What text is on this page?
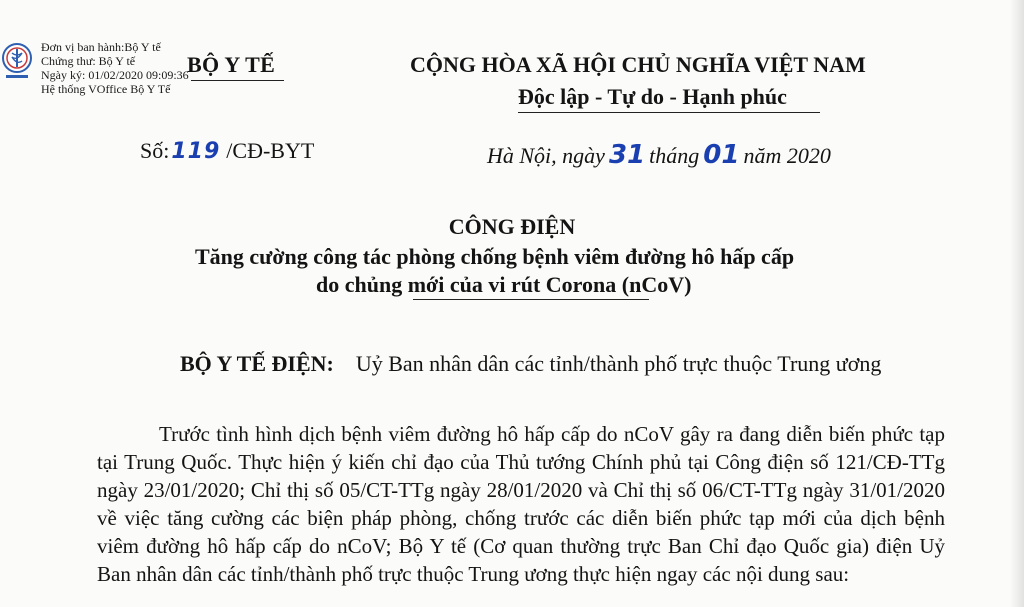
Đơn vị ban hành:Bộ Y tế
Chứng thư: Bộ Y tế
Ngày ký: 01/02/2020 09:09:36
Hệ thống VOffice Bộ Y Tế
BỘ Y TẾ	CỘNG HÒA XÃ HỘI CHỦ NGHĨA VIỆT NAM
Độc lập - Tự do - Hạnh phúc
Số:119 /CĐ-BYT	Hà Nội, ngày 31 tháng 01 năm 2020
CÔNG ĐIỆN
Tăng cường công tác phòng chống bệnh viêm đường hô hấp cấp
do chủng mới của vi rút Corona (nCoV)
BỘ Y TẾ ĐIỆN: Uỷ Ban nhân dân các tỉnh/thành phố trực thuộc Trung ương

Trước tình hình dịch bệnh viêm đường hô hấp cấp do nCoV gây ra đang diễn biến phức tạp tại Trung Quốc. Thực hiện ý kiến chỉ đạo của Thủ tướng Chính phủ tại Công điện số 121/CĐ-TTg ngày 23/01/2020; Chỉ thị số 05/CT-TTg ngày 28/01/2020 và Chỉ thị số 06/CT-TTg ngày 31/01/2020 về việc tăng cường các biện pháp phòng, chống trước các diễn biến phức tạp mới của dịch bệnh viêm đường hô hấp cấp do nCoV; Bộ Y tế (Cơ quan thường trực Ban Chỉ đạo Quốc gia) điện Uỷ Ban nhân dân các tỉnh/thành phố trực thuộc Trung ương thực hiện ngay các nội dung sau:
